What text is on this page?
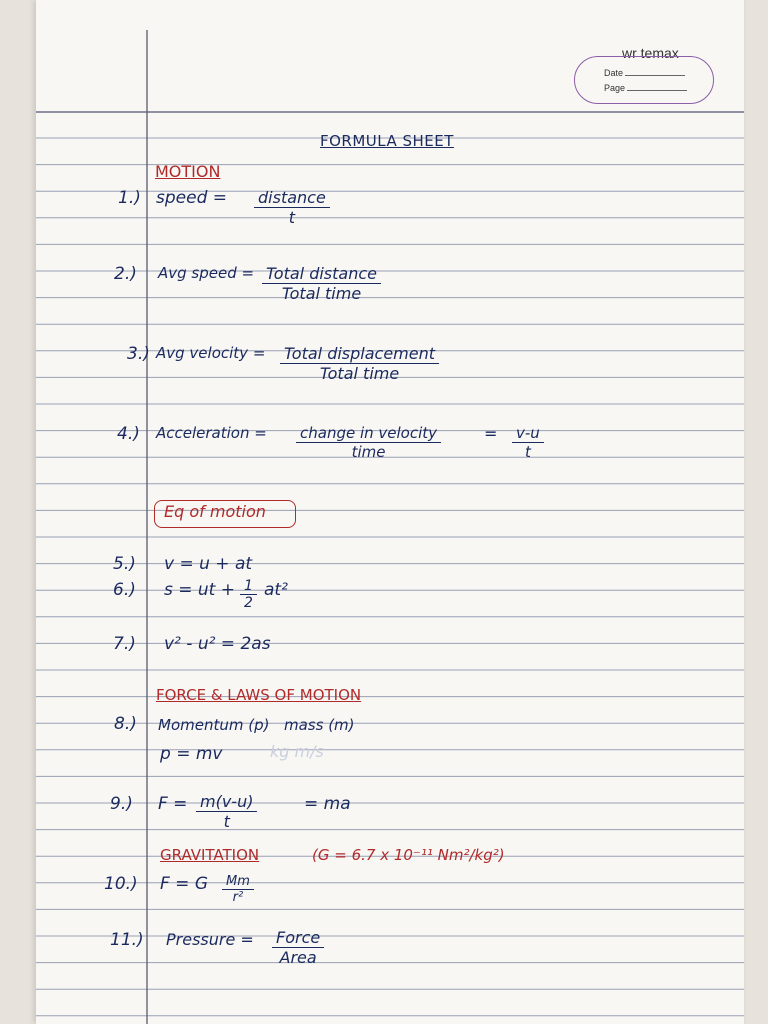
wr temax
Date
Page
FORMULA SHEET
MOTION
1.) speed = distance
t
2.) Avg speed = Total distance
Total time
3.) Avg velocity = Total displacement
Total time
4.) Acceleration = change in velocity
time
= $\frac{v-u}{t}$
Eq of motion
5.) v = u + at
6.) s = ut + $\frac{1}{2} at^2$
7.) v² - u² = 2as
FORCE & LAWS OF MOTION
8.) Momentum (p) mass (m)
p = mv	kg m/s
9.) $F = \frac{m(v-u)}{t}$	= ma
GRAVITATION	(G = 6.7 x 10⁻¹¹ Nm²/kg²)
10.) F = G $\frac{Mm}{\text{r²}}$
11.) Pressure = Force
Area
